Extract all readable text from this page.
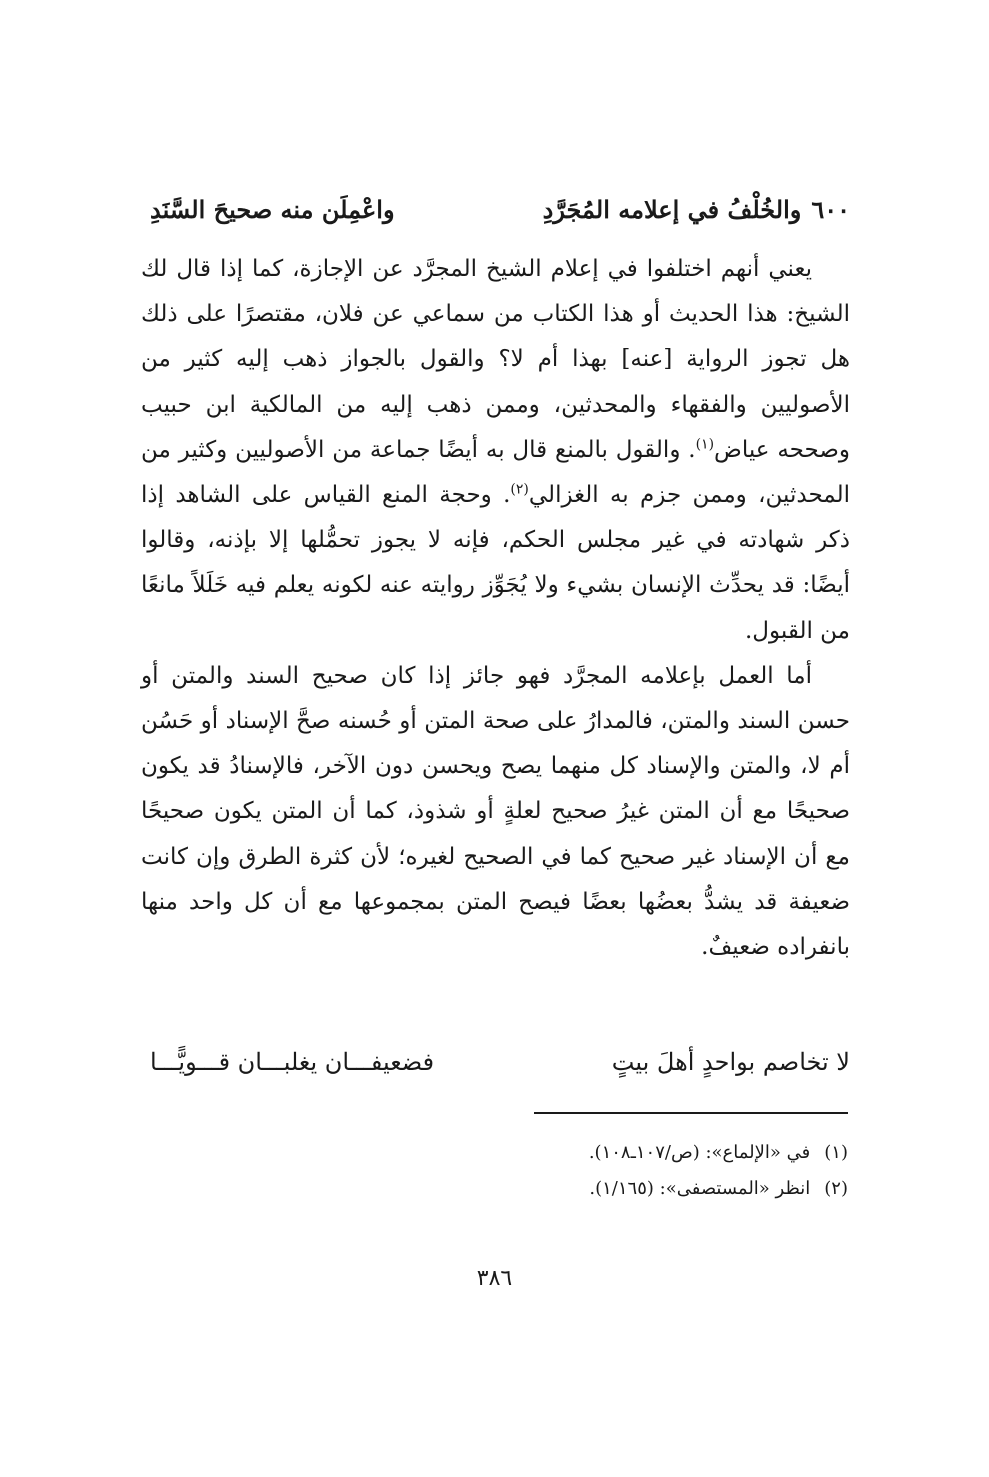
٦٠٠والخُلْفُ في إعلامه المُجَرَّدِ
واعْمِلَن منه صحيحَ السَّنَدِ

يعني أنهم اختلفوا في إعلام الشيخ المجرَّد عن الإجازة، كما إذا قال لك الشيخ: هذا الحديث أو هذا الكتاب من سماعي عن فلان، مقتصرًا على ذلك هل تجوز الرواية [عنه] بهذا أم لا؟ والقول بالجواز ذهب إليه كثير من الأصوليين والفقهاء والمحدثين، وممن ذهب إليه من المالكية ابن حبيب وصححه عياض$^{(١)}$. والقول بالمنع قال به أيضًا جماعة من الأصوليين وكثير من المحدثين، وممن جزم به الغزالي$^{(٢)}$. وحجة المنع القياس على الشاهد إذا ذكر شهادته في غير مجلس الحكم، فإنه لا يجوز تحمُّلها إلا بإذنه، وقالوا أيضًا: قد يحدِّث الإنسان بشيء ولا يُجَوِّز روايته عنه لكونه يعلم فيه خَلَلاً مانعًا من القبول.

أما العمل بإعلامه المجرَّد فهو جائز إذا كان صحيح السند والمتن أو حسن السند والمتن، فالمدارُ على صحة المتن أو حُسنه صحَّ الإسناد أو حَسُن أم لا، والمتن والإسناد كل منهما يصح ويحسن دون الآخر، فالإسنادُ قد يكون صحيحًا مع أن المتن غيرُ صحيح لعلةٍ أو شذوذ، كما أن المتن يكون صحيحًا مع أن الإسناد غير صحيح كما في الصحيح لغيره؛ لأن كثرة الطرق وإن كانت ضعيفة قد يشدُّ بعضُها بعضًا فيصح المتن بمجموعها مع أن كل واحد منها بانفراده ضعيفٌ.

لا تخاصم بواحدٍ أهلَ بيتٍ
فضعيفـــان يغلبـــان قـــويًّـــا

(١)في «الإلماع»: (ص/١٠٧ـ١٠٨).

(٢)انظر «المستصفى»: (١/١٦٥).

٣٨٦
